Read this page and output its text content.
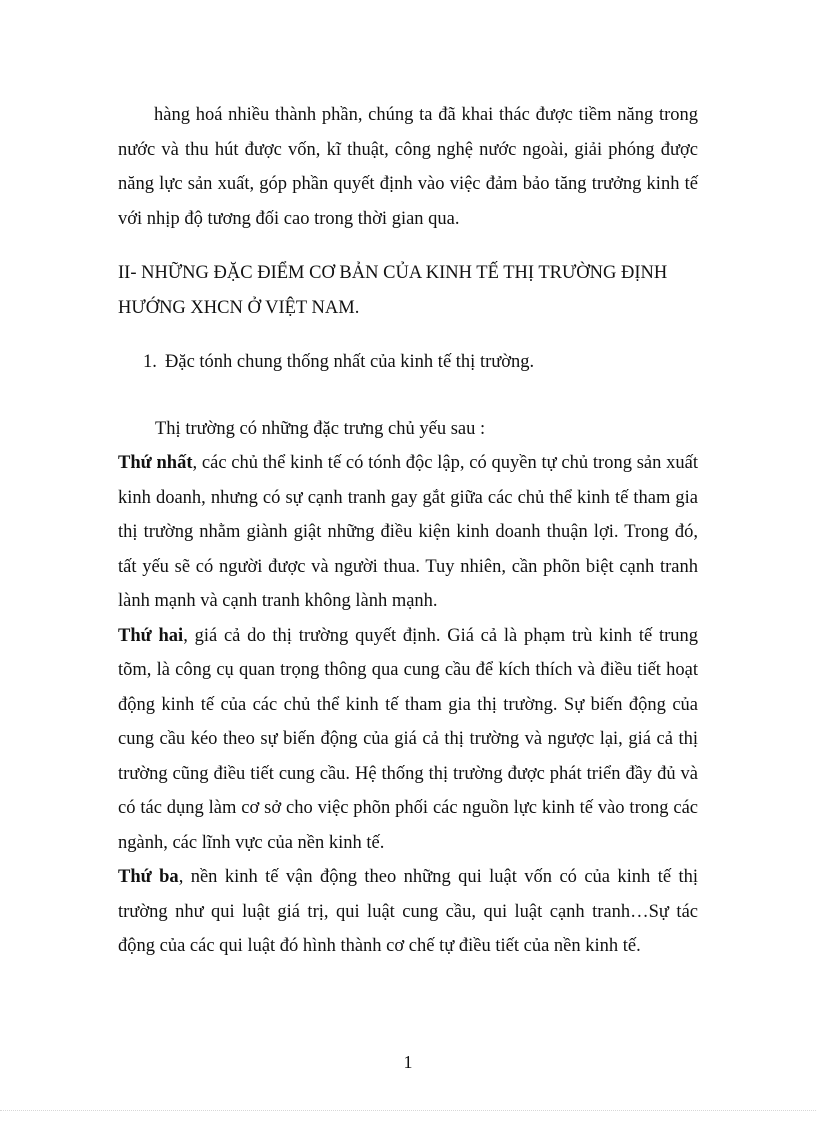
hàng hoá nhiều thành phần, chúng ta đã khai thác được tiềm năng trong nước và thu hút được vốn, kĩ thuật, công nghệ nước ngoài, giải phóng được năng lực sản xuất, góp phần quyết định vào việc đảm bảo tăng trưởng kinh tế với nhịp độ tương đối cao trong thời gian qua.

II- NHỮNG ĐẶC ĐIỂM CƠ BẢN CỦA KINH TẾ THỊ TRƯỜNG ĐỊNH HƯỚNG XHCN Ở VIỆT NAM.

1. Đặc tónh chung thống nhất của kinh tế thị trường.

Thị trường có những đặc trưng chủ yếu sau :

Thứ nhất, các chủ thể kinh tế có tónh độc lập, có quyền tự chủ trong sản xuất kinh doanh, nhưng có sự cạnh tranh gay gắt giữa các chủ thể kinh tế tham gia thị trường nhằm giành giật những điều kiện kinh doanh thuận lợi. Trong đó, tất yếu sẽ có người được và người thua. Tuy nhiên, cần phõn biệt cạnh tranh lành mạnh và cạnh tranh không lành mạnh.

Thứ hai, giá cả do thị trường quyết định. Giá cả là phạm trù kinh tế trung tõm, là công cụ quan trọng thông qua cung cầu để kích thích và điều tiết hoạt động kinh tế của các chủ thể kinh tế tham gia thị trường. Sự biến động của cung cầu kéo theo sự biến động của giá cả thị trường và ngược lại, giá cả thị trường cũng điều tiết cung cầu. Hệ thống thị trường được phát triển đầy đủ và có tác dụng làm cơ sở cho việc phõn phối các nguồn lực kinh tế vào trong các ngành, các lĩnh vực của nền kinh tế.

Thứ ba, nền kinh tế vận động theo những qui luật vốn có của kinh tế thị trường như qui luật giá trị, qui luật cung cầu, qui luật cạnh tranh…Sự tác động của các qui luật đó hình thành cơ chế tự điều tiết của nền kinh tế.

1
